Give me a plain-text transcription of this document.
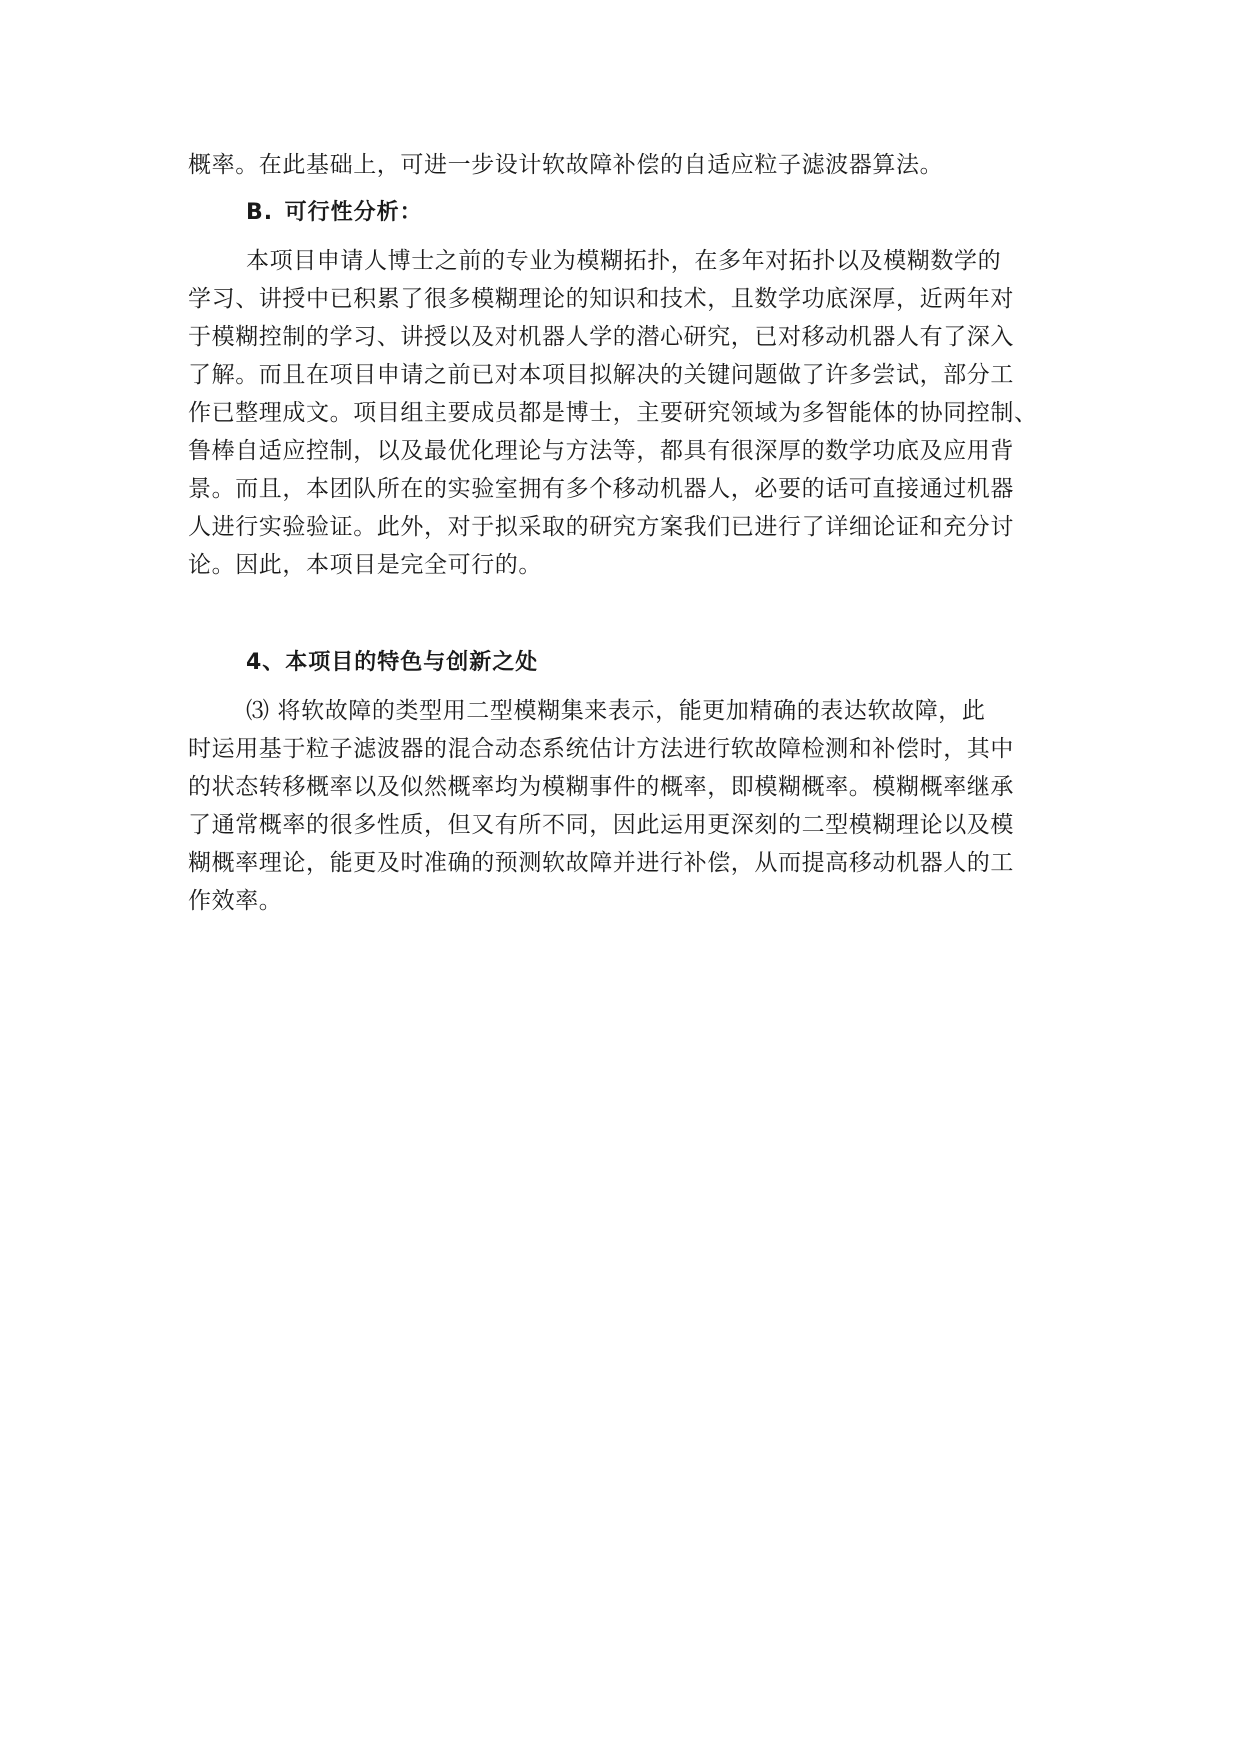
概率。在此基础上，可进一步设计软故障补偿的自适应粒子滤波器算法。
B. 可行性分析：
本项目申请人博士之前的专业为模糊拓扑，在多年对拓扑以及模糊数学的
学习、讲授中已积累了很多模糊理论的知识和技术，且数学功底深厚，近两年对
于模糊控制的学习、讲授以及对机器人学的潜心研究，已对移动机器人有了深入
了解。而且在项目申请之前已对本项目拟解决的关键问题做了许多尝试，部分工
作已整理成文。项目组主要成员都是博士，主要研究领域为多智能体的协同控制、
鲁棒自适应控制，以及最优化理论与方法等，都具有很深厚的数学功底及应用背
景。而且，本团队所在的实验室拥有多个移动机器人，必要的话可直接通过机器
人进行实验验证。此外，对于拟采取的研究方案我们已进行了详细论证和充分讨
论。因此，本项目是完全可行的。
4、本项目的特色与创新之处
⑶ 将软故障的类型用二型模糊集来表示，能更加精确的表达软故障，此
时运用基于粒子滤波器的混合动态系统估计方法进行软故障检测和补偿时，其中
的状态转移概率以及似然概率均为模糊事件的概率，即模糊概率。模糊概率继承
了通常概率的很多性质，但又有所不同，因此运用更深刻的二型模糊理论以及模
糊概率理论，能更及时准确的预测软故障并进行补偿，从而提高移动机器人的工
作效率。
